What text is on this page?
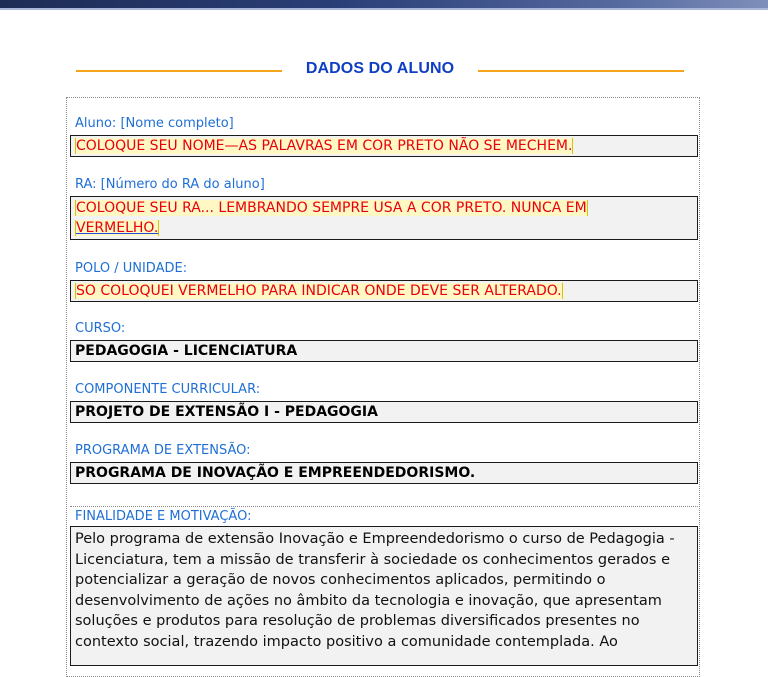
DADOS DO ALUNO
Aluno: [Nome completo]
COLOQUE SEU NOME—AS PALAVRAS EM COR PRETO NÃO SE MECHEM.
RA: [Número do RA do aluno]
COLOQUE SEU RA... LEMBRANDO SEMPRE USA A COR PRETO. NUNCA EM
VERMELHO.
POLO / UNIDADE:
SO COLOQUEI VERMELHO PARA INDICAR ONDE DEVE SER ALTERADO.
CURSO:
PEDAGOGIA - LICENCIATURA
COMPONENTE CURRICULAR:
PROJETO DE EXTENSÃO I - PEDAGOGIA
PROGRAMA DE EXTENSÃO:
PROGRAMA DE INOVAÇÃO E EMPREENDEDORISMO.
FINALIDADE E MOTIVAÇÃO:
Pelo programa de extensão Inovação e Empreendedorismo o curso de Pedagogia -
Licenciatura, tem a missão de transferir à sociedade os conhecimentos gerados e
potencializar a geração de novos conhecimentos aplicados, permitindo o
desenvolvimento de ações no âmbito da tecnologia e inovação, que apresentam
soluções e produtos para resolução de problemas diversificados presentes no
contexto social, trazendo impacto positivo a comunidade contemplada. Ao
